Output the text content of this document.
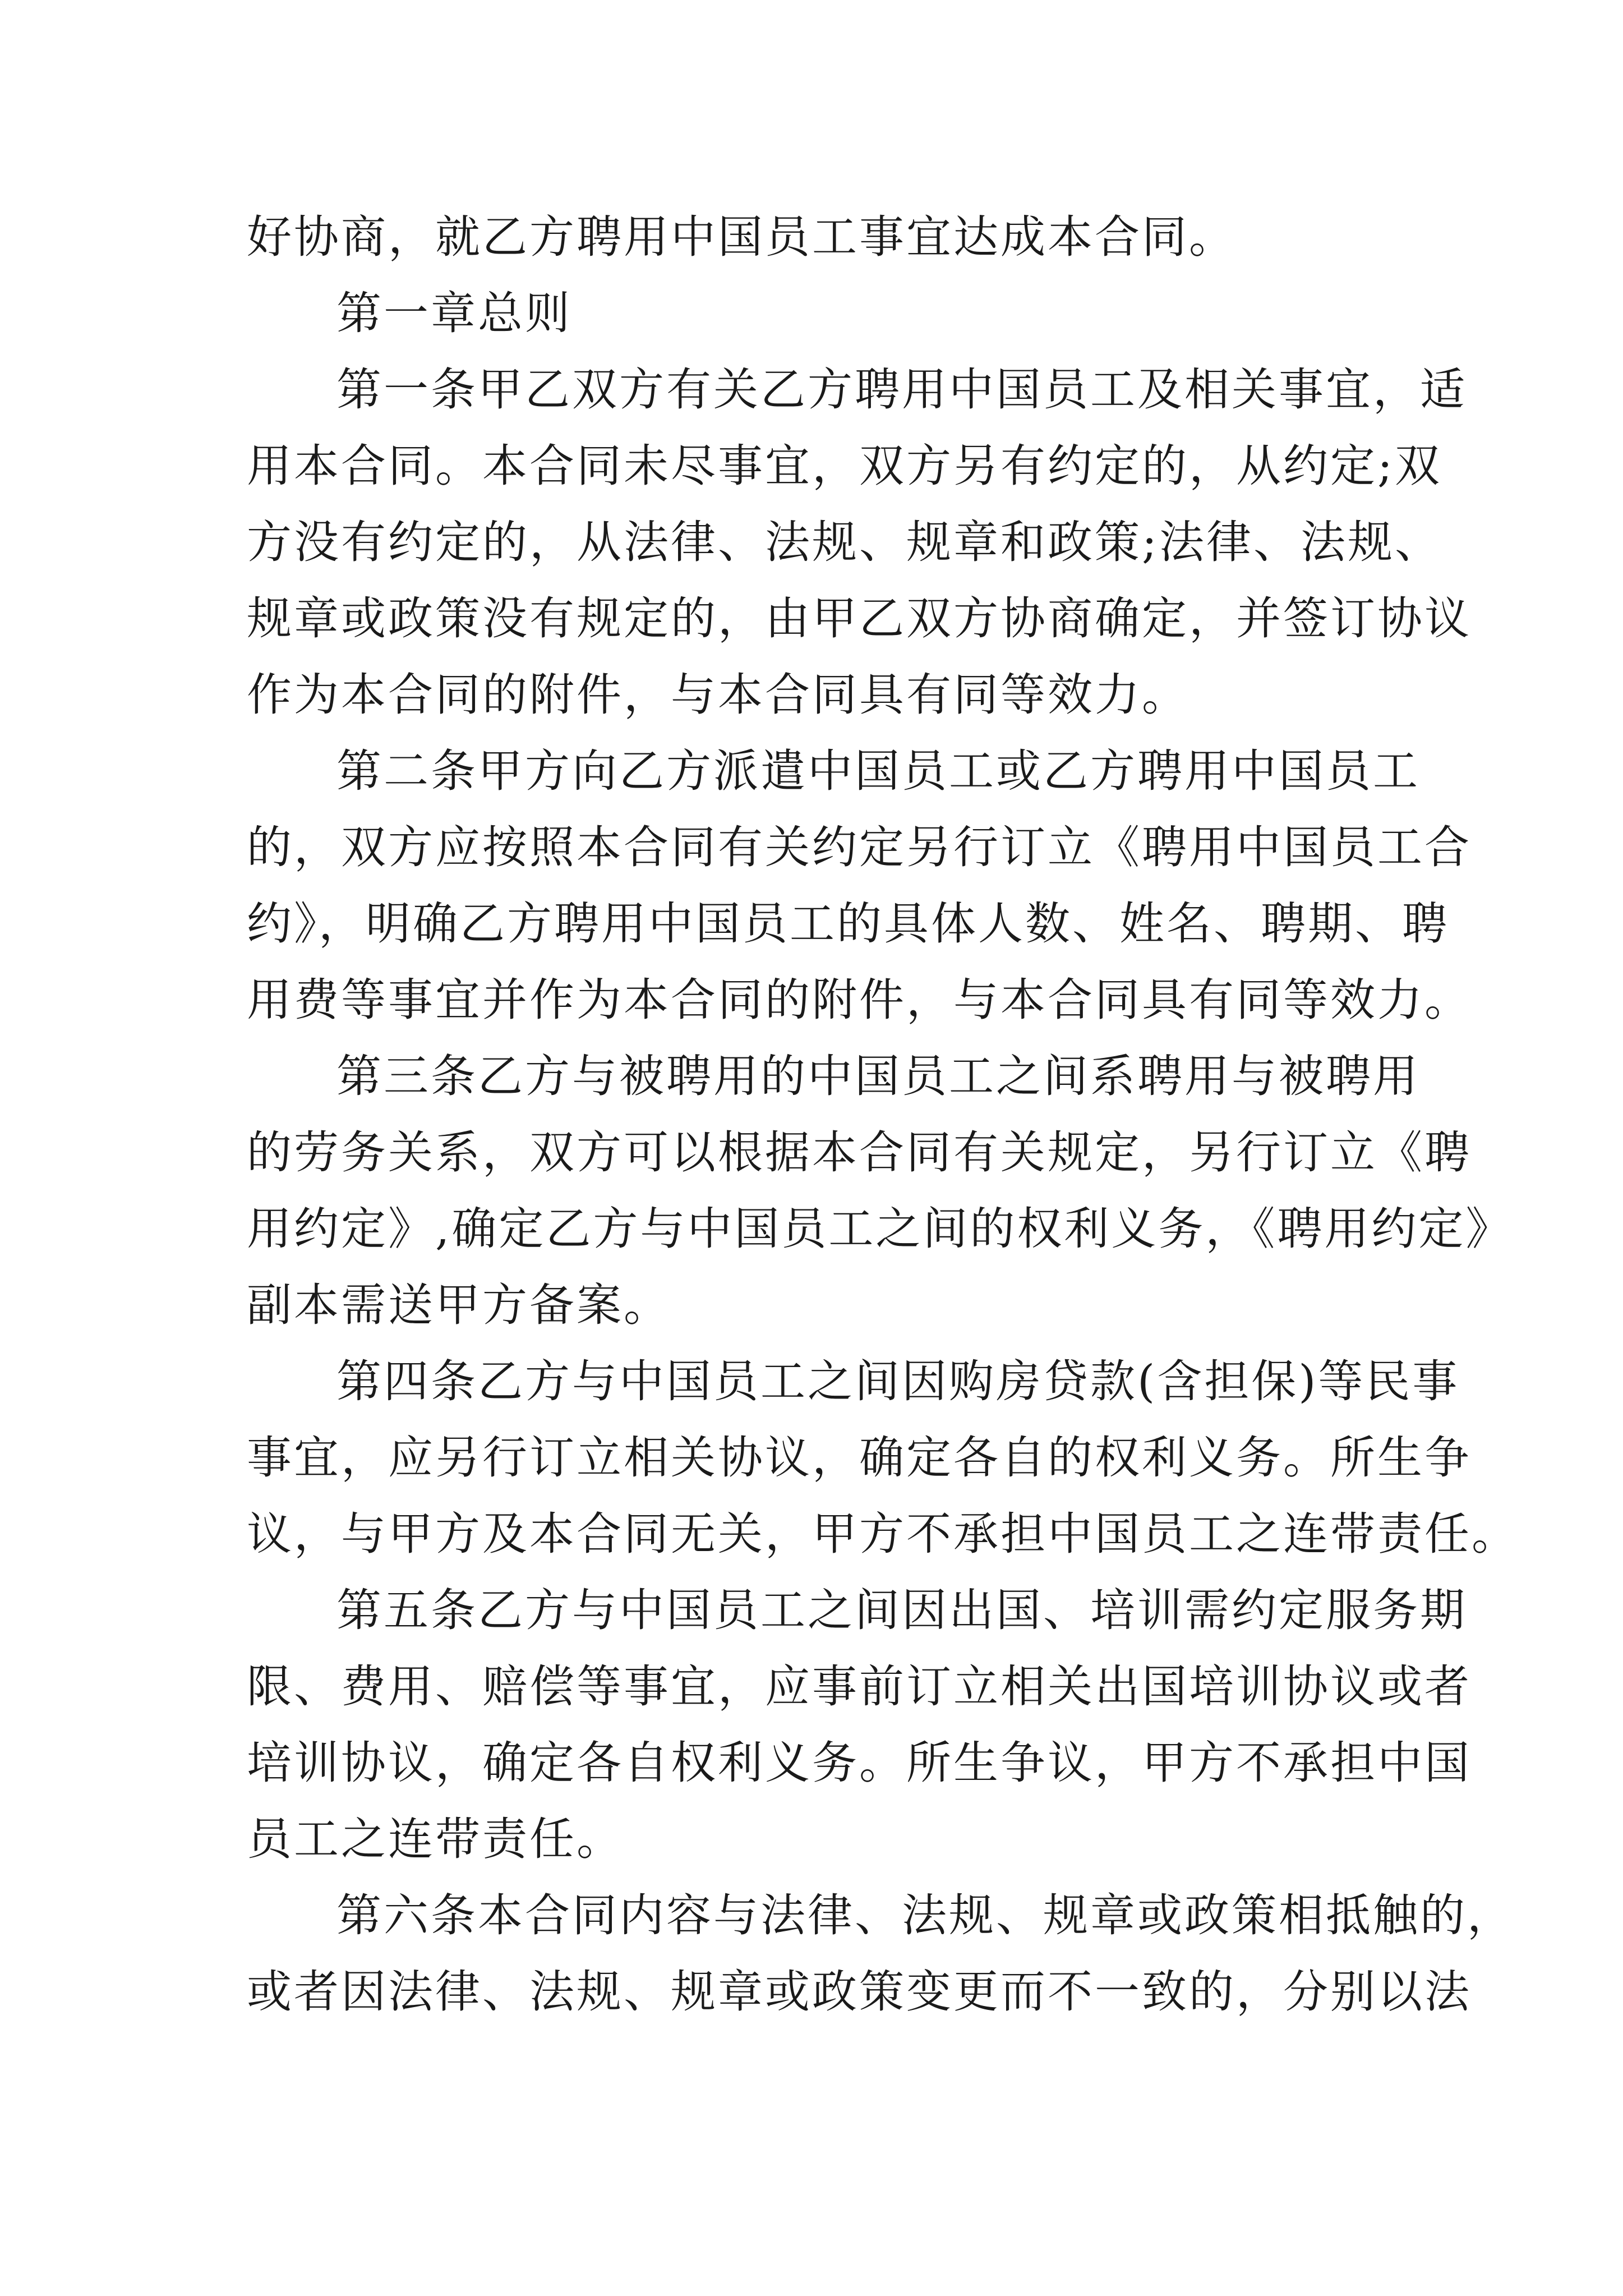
好协商，就乙方聘用中国员工事宜达成本合同。
第一章总则
第一条甲乙双方有关乙方聘用中国员工及相关事宜，适
用本合同。本合同未尽事宜，双方另有约定的，从约定;双
方没有约定的，从法律、法规、规章和政策;法律、法规、
规章或政策没有规定的，由甲乙双方协商确定，并签订协议
作为本合同的附件，与本合同具有同等效力。
第二条甲方向乙方派遣中国员工或乙方聘用中国员工
的，双方应按照本合同有关约定另行订立《聘用中国员工合
约》，明确乙方聘用中国员工的具体人数、姓名、聘期、聘
用费等事宜并作为本合同的附件，与本合同具有同等效力。
第三条乙方与被聘用的中国员工之间系聘用与被聘用
的劳务关系，双方可以根据本合同有关规定，另行订立《聘
用约定》,确定乙方与中国员工之间的权利义务，《聘用约定》
副本需送甲方备案。
第四条乙方与中国员工之间因购房贷款(含担保)等民事
事宜，应另行订立相关协议，确定各自的权利义务。所生争
议，与甲方及本合同无关，甲方不承担中国员工之连带责任。
第五条乙方与中国员工之间因出国、培训需约定服务期
限、费用、赔偿等事宜，应事前订立相关出国培训协议或者
培训协议，确定各自权利义务。所生争议，甲方不承担中国
员工之连带责任。
第六条本合同内容与法律、法规、规章或政策相抵触的，
或者因法律、法规、规章或政策变更而不一致的，分别以法
